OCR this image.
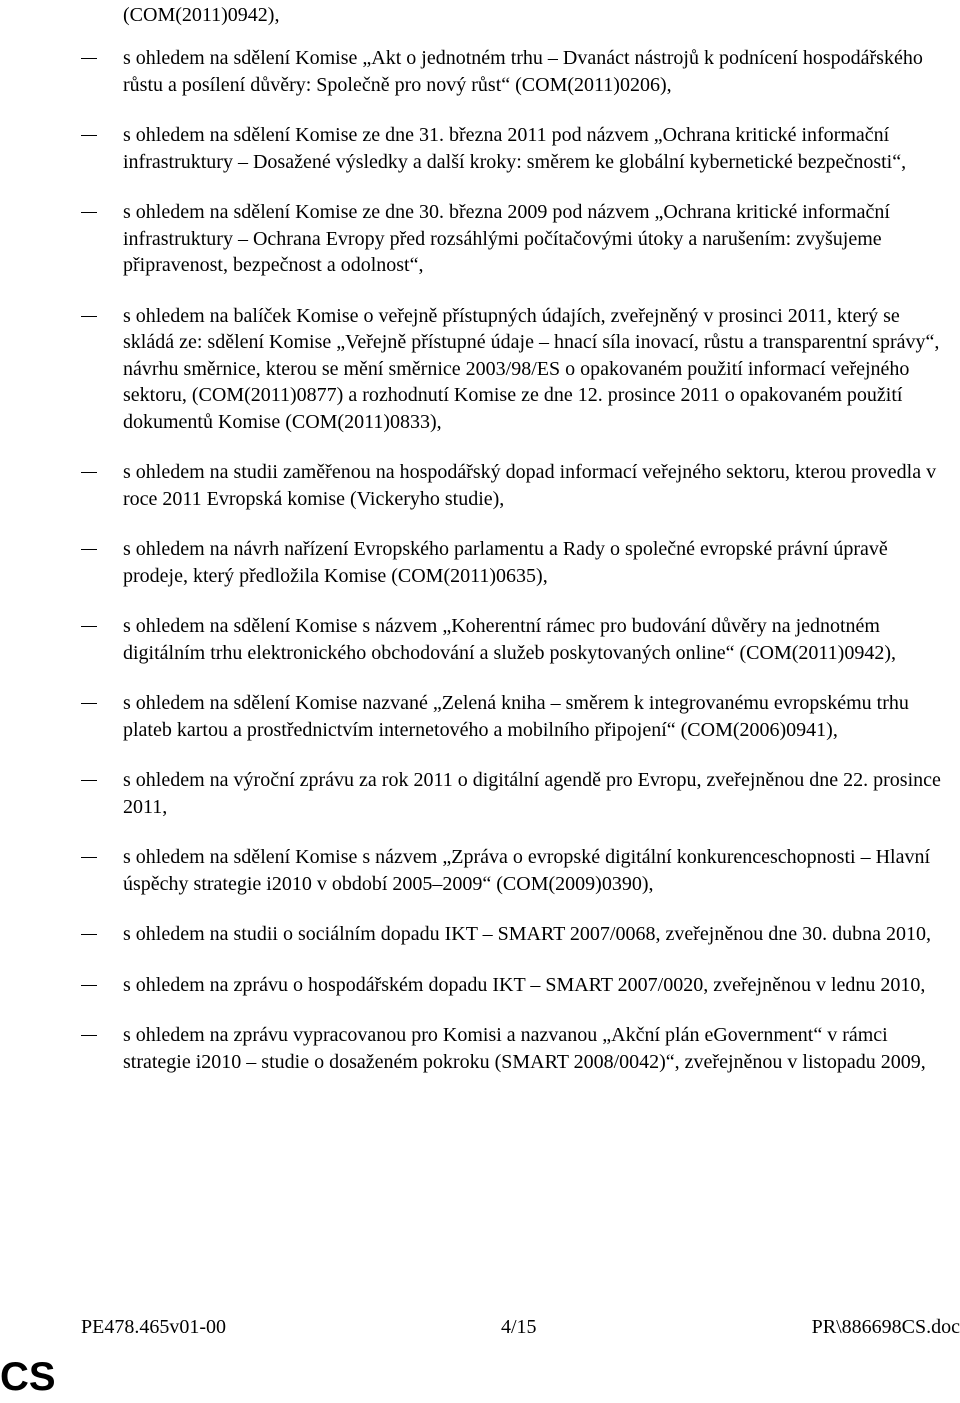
(COM(2011)0942),
s ohledem na sdělení Komise „Akt o jednotném trhu – Dvanáct nástrojů k podnícení hospodářského růstu a posílení důvěry: Společně pro nový růst“ (COM(2011)0206),
s ohledem na sdělení Komise ze dne 31. března 2011 pod názvem „Ochrana kritické informační infrastruktury – Dosažené výsledky a další kroky: směrem ke globální kybernetické bezpečnosti“,
s ohledem na sdělení Komise ze dne 30. března 2009 pod názvem „Ochrana kritické informační infrastruktury – Ochrana Evropy před rozsáhlými počítačovými útoky a narušením: zvyšujeme připravenost, bezpečnost a odolnost“,
s ohledem na balíček Komise o veřejně přístupných údajích, zveřejněný v prosinci 2011, který se skládá ze: sdělení Komise „Veřejně přístupné údaje – hnací síla inovací, růstu a transparentní správy“, návrhu směrnice, kterou se mění směrnice 2003/98/ES o opakovaném použití informací veřejného sektoru, (COM(2011)0877) a rozhodnutí Komise ze dne 12. prosince 2011 o opakovaném použití dokumentů Komise (COM(2011)0833),
s ohledem na studii zaměřenou na hospodářský dopad informací veřejného sektoru, kterou provedla v roce 2011 Evropská komise (Vickeryho studie),
s ohledem na návrh nařízení Evropského parlamentu a Rady o společné evropské právní úpravě prodeje, který předložila Komise (COM(2011)0635),
s ohledem na sdělení Komise s názvem „Koherentní rámec pro budování důvěry na jednotném digitálním trhu elektronického obchodování a služeb poskytovaných online“ (COM(2011)0942),
s ohledem na sdělení Komise nazvané „Zelená kniha – směrem k integrovanému evropskému trhu plateb kartou a prostřednictvím internetového a mobilního připojení“ (COM(2006)0941),
s ohledem na výroční zprávu za rok 2011 o digitální agendě pro Evropu, zveřejněnou dne 22. prosince 2011,
s ohledem na sdělení Komise s názvem „Zpráva o evropské digitální konkurenceschopnosti – Hlavní úspěchy strategie i2010 v období 2005–2009“ (COM(2009)0390),
s ohledem na studii o sociálním dopadu IKT – SMART 2007/0068, zveřejněnou dne 30. dubna 2010,
s ohledem na zprávu o hospodářském dopadu IKT – SMART 2007/0020, zveřejněnou v lednu 2010,
s ohledem na zprávu vypracovanou pro Komisi a nazvanou „Akční plán eGovernment“ v rámci strategie i2010 – studie o dosaženém pokroku (SMART 2008/0042)“, zveřejněnou v listopadu 2009,
PE478.465v01-00	4/15	PR\886698CS.doc
CS
